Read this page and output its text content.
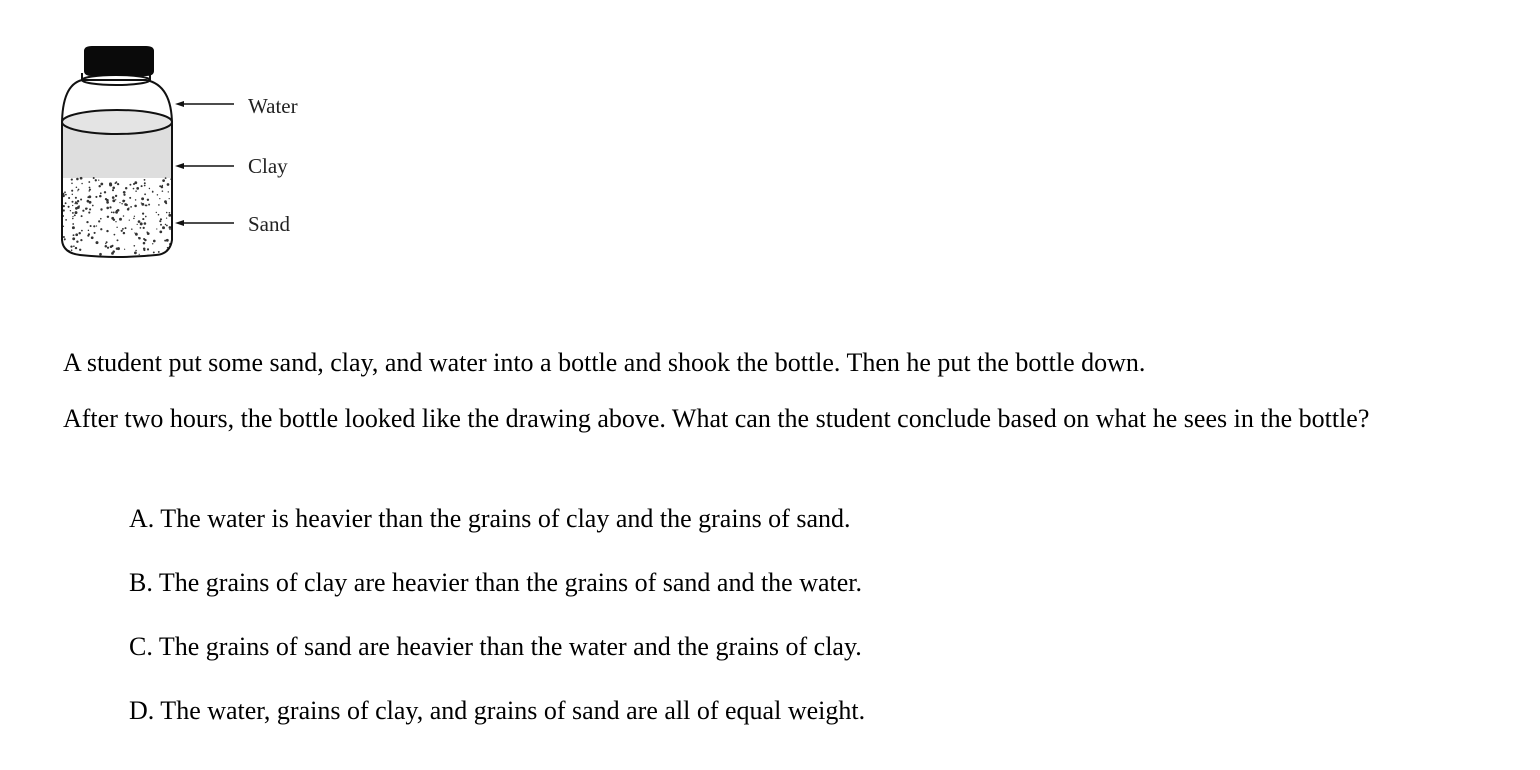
Water
Clay
Sand
A student put some sand, clay, and water into a bottle and shook the bottle. Then he put the bottle down.
After two hours, the bottle looked like the drawing above. What can the student conclude based on what he sees in the bottle?
A. The water is heavier than the grains of clay and the grains of sand.
B. The grains of clay are heavier than the grains of sand and the water.
C. The grains of sand are heavier than the water and the grains of clay.
D. The water, grains of clay, and grains of sand are all of equal weight.
